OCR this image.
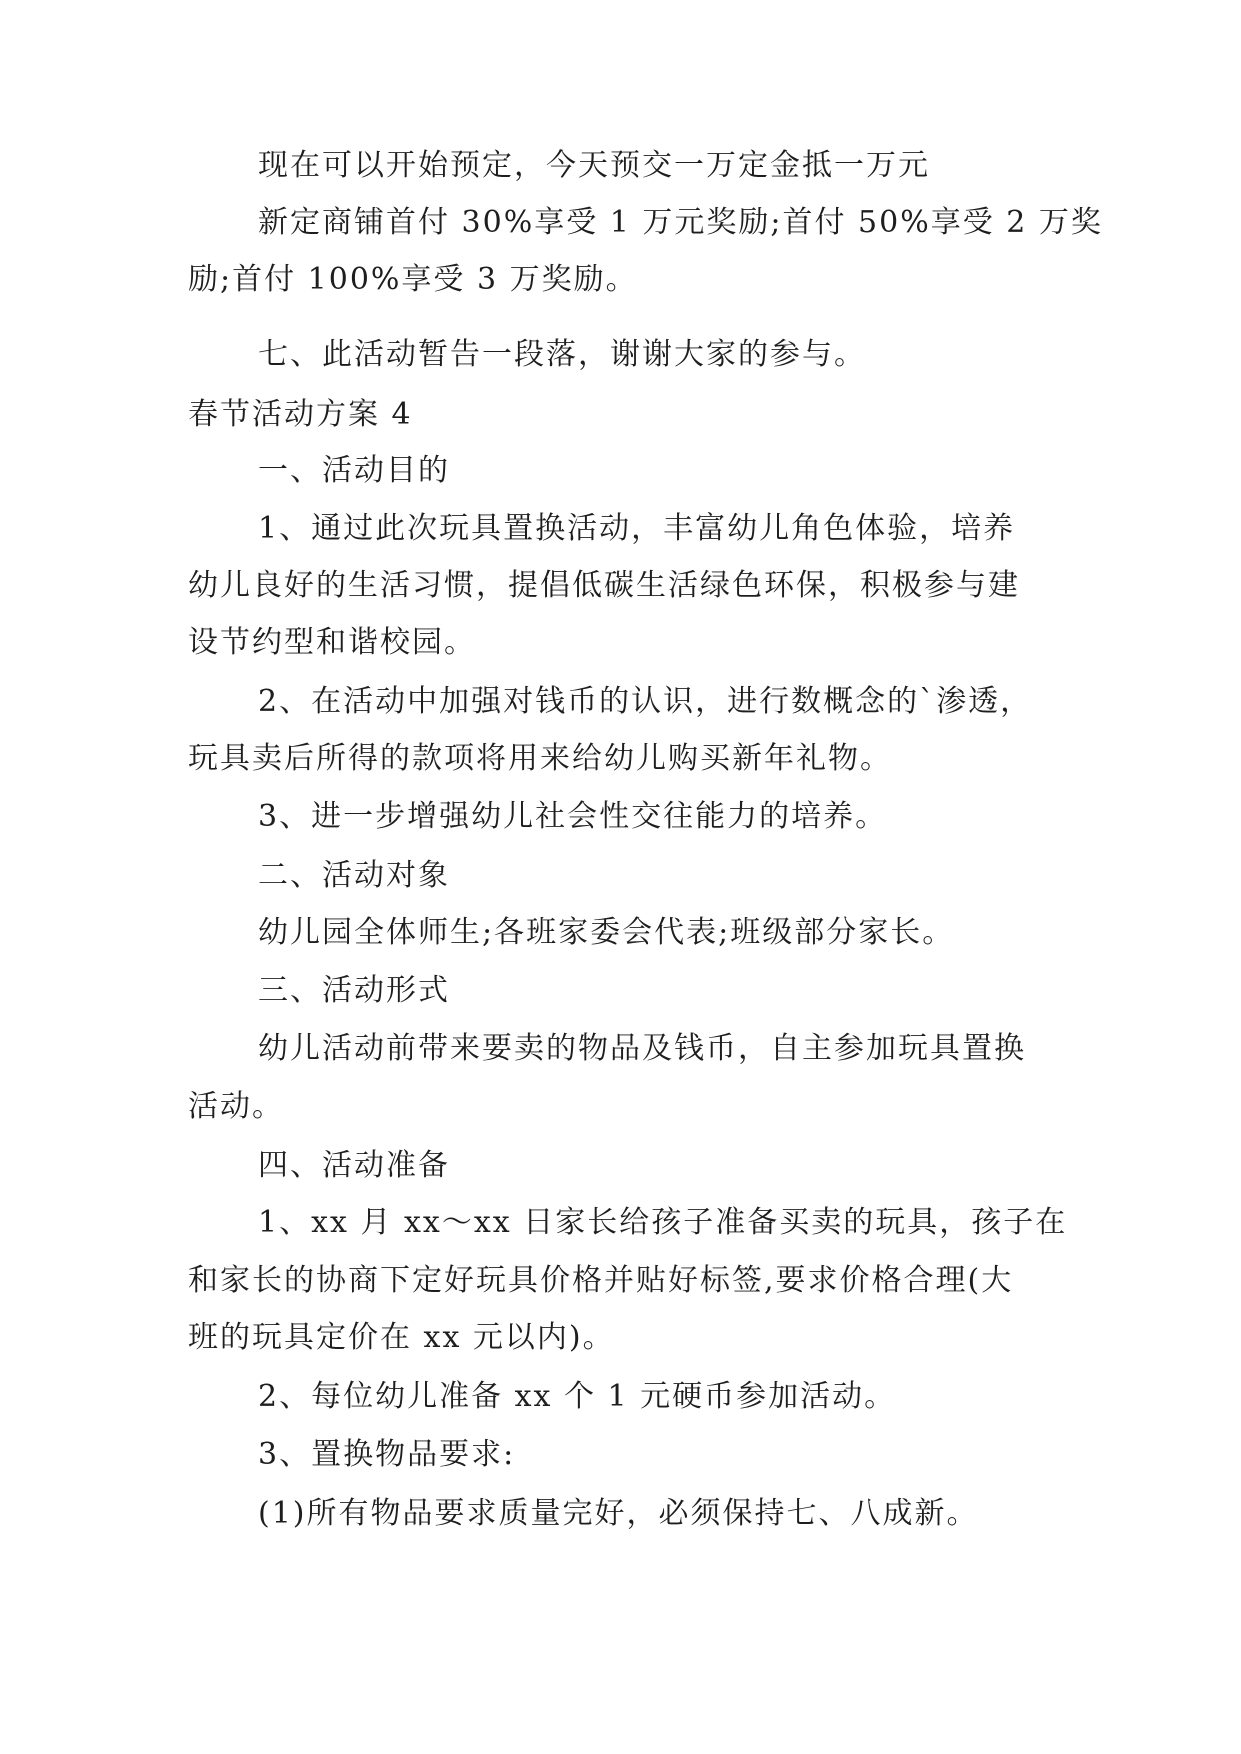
现在可以开始预定，今天预交一万定金抵一万元
新定商铺首付 30%享受 1 万元奖励;首付 50%享受 2 万奖
励;首付 100%享受 3 万奖励。
七、此活动暂告一段落，谢谢大家的参与。
春节活动方案 4
一、活动目的
1、通过此次玩具置换活动，丰富幼儿角色体验，培养
幼儿良好的生活习惯，提倡低碳生活绿色环保，积极参与建
设节约型和谐校园。
2、在活动中加强对钱币的认识，进行数概念的`渗透，
玩具卖后所得的款项将用来给幼儿购买新年礼物。
3、进一步增强幼儿社会性交往能力的培养。
二、活动对象
幼儿园全体师生;各班家委会代表;班级部分家长。
三、活动形式
幼儿活动前带来要卖的物品及钱币，自主参加玩具置换
活动。
四、活动准备
1、xx 月 xx～xx 日家长给孩子准备买卖的玩具，孩子在
和家长的协商下定好玩具价格并贴好标签,要求价格合理(大
班的玩具定价在 xx 元以内)。
2、每位幼儿准备 xx 个 1 元硬币参加活动。
3、置换物品要求:
(1)所有物品要求质量完好，必须保持七、八成新。
